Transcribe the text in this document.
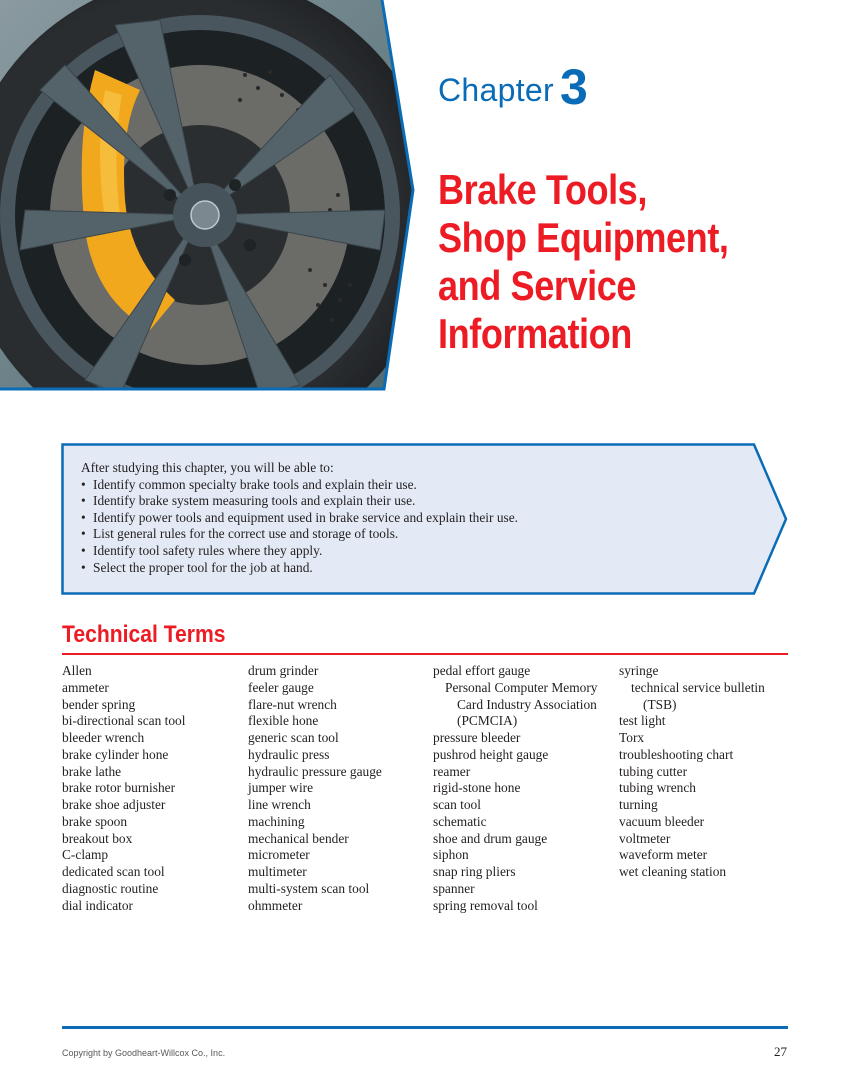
Chapter 3
Brake Tools,
Shop Equipment,
and Service
Information
After studying this chapter, you will be able to:
• Identify common specialty brake tools and explain their use.
• Identify brake system measuring tools and explain their use.
• Identify power tools and equipment used in brake service and explain their use.
• List general rules for the correct use and storage of tools.
• Identify tool safety rules where they apply.
• Select the proper tool for the job at hand.
Technical Terms
Allen
ammeter
bender spring
bi-directional scan tool
bleeder wrench
brake cylinder hone
brake lathe
brake rotor burnisher
brake shoe adjuster
brake spoon
breakout box
C-clamp
dedicated scan tool
diagnostic routine
dial indicator
drum grinder
feeler gauge
flare-nut wrench
flexible hone
generic scan tool
hydraulic press
hydraulic pressure gauge
jumper wire
line wrench
machining
mechanical bender
micrometer
multimeter
multi-system scan tool
ohmmeter
pedal effort gauge
Personal Computer Memory
Card Industry Association
(PCMCIA)
pressure bleeder
pushrod height gauge
reamer
rigid-stone hone
scan tool
schematic
shoe and drum gauge
siphon
snap ring pliers
spanner
spring removal tool
syringe
technical service bulletin
(TSB)
test light
Torx
troubleshooting chart
tubing cutter
tubing wrench
turning
vacuum bleeder
voltmeter
waveform meter
wet cleaning station
Copyright by Goodheart-Willcox Co., Inc.	27
